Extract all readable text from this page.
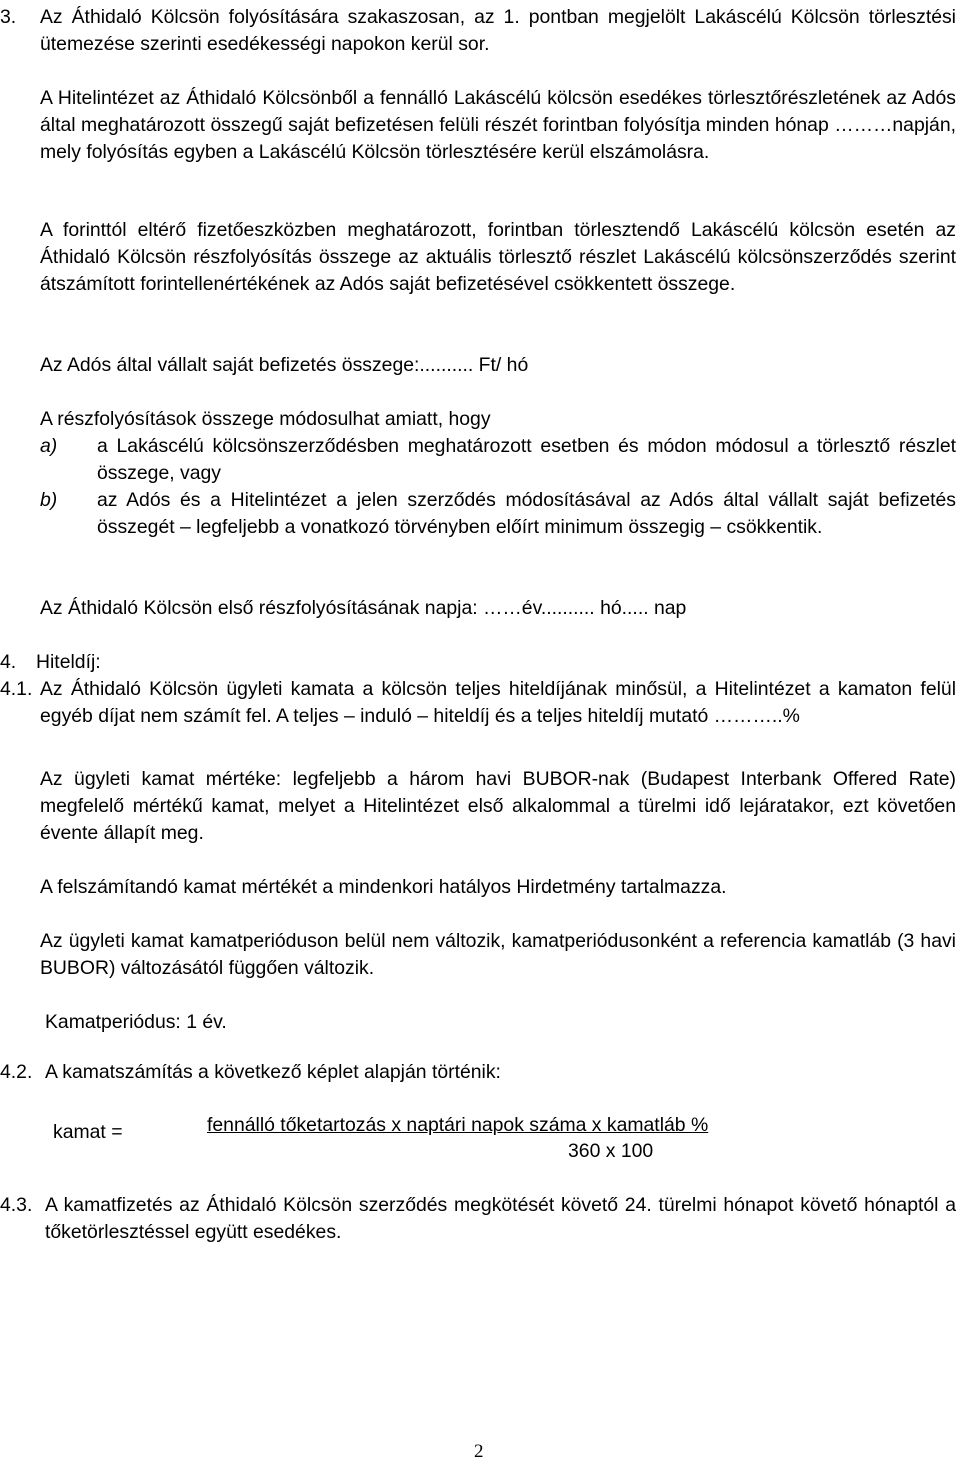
3. Az Áthidaló Kölcsön folyósítására szakaszosan, az 1. pontban megjelölt Lakáscélú Kölcsön törlesztési ütemezése szerinti esedékességi napokon kerül sor.

A Hitelintézet az Áthidaló Kölcsönből a fennálló Lakáscélú kölcsön esedékes törlesztőrészletének az Adós által meghatározott összegű saját befizetésen felüli részét forintban folyósítja minden hónap ………napján, mely folyósítás egyben a Lakáscélú Kölcsön törlesztésére kerül elszámolásra.

A forinttól eltérő fizetőeszközben meghatározott, forintban törlesztendő Lakáscélú kölcsön esetén az Áthidaló Kölcsön részfolyósítás összege az aktuális törlesztő részlet Lakáscélú kölcsönszerződés szerint átszámított forintellenértékének az Adós saját befizetésével csökkentett összege.

Az Adós által vállalt saját befizetés összege:.......... Ft/ hó

A részfolyósítások összege módosulhat amiatt, hogy

a) a Lakáscélú kölcsönszerződésben meghatározott esetben és módon módosul a törlesztő részlet összege, vagy

b) az Adós és a Hitelintézet a jelen szerződés módosításával az Adós által vállalt saját befizetés összegét – legfeljebb a vonatkozó törvényben előírt minimum összegig – csökkentik.

Az Áthidaló Kölcsön első részfolyósításának napja: ……év.......... hó..... nap

4. Hiteldíj:
4.1. Az Áthidaló Kölcsön ügyleti kamata a kölcsön teljes hiteldíjának minősül, a Hitelintézet a kamaton felül egyéb díjat nem számít fel. A teljes – induló – hiteldíj és a teljes hiteldíj mutató ………..%

Az ügyleti kamat mértéke: legfeljebb a három havi BUBOR-nak (Budapest Interbank Offered Rate) megfelelő mértékű kamat, melyet a Hitelintézet első alkalommal a türelmi idő lejáratakor, ezt követően évente állapít meg.

A felszámítandó kamat mértékét a mindenkori hatályos Hirdetmény tartalmazza.

Az ügyleti kamat kamatperióduson belül nem változik, kamatperiódusonként a referencia kamatláb (3 havi BUBOR) változásától függően változik.

Kamatperiódus: 1 év.

4.2. A kamatszámítás a következő képlet alapján történik:

kamat =	fennálló tőketartozás x naptári napok száma x kamatláb %
360 x 100
4.3. A kamatfizetés az Áthidaló Kölcsön szerződés megkötését követő 24. türelmi hónapot követő hónaptól a tőketörlesztéssel együtt esedékes.

2
